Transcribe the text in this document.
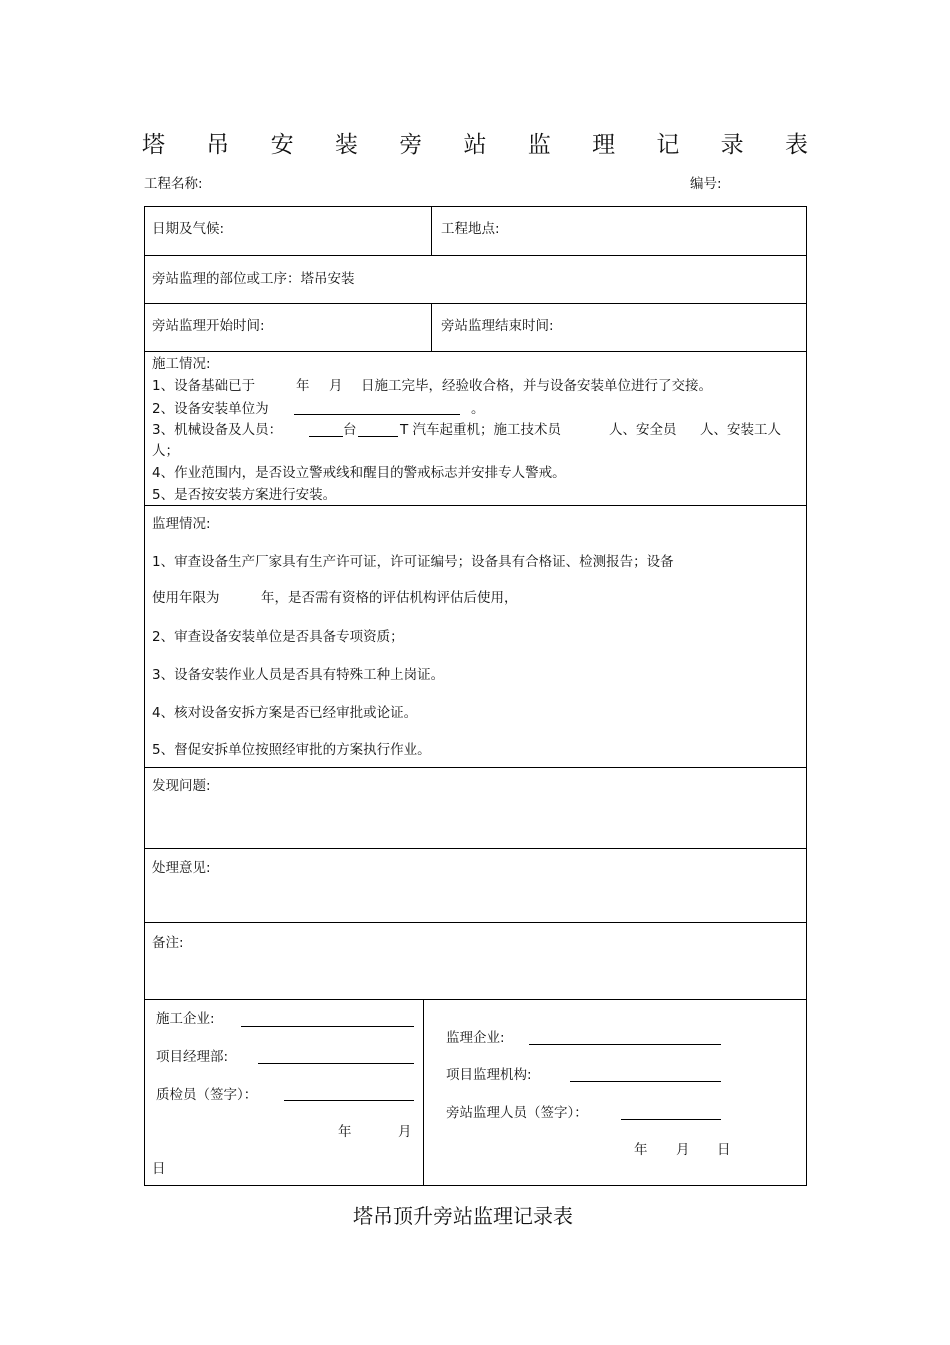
塔 吊 安 装 旁 站 监 理 记 录 表
工程名称:	编号:
日期及气候:	工程地点:
旁站监理的部位或工序：塔吊安装
旁站监理开始时间:	旁站监理结束时间:
施工情况:
1、设备基础已于	年 月 日施工完毕，经验收合格，并与设备安装单位进行了交接。
2、设备安装单位为	。
3、机械设备及人员：	台	T 汽车起重机；施工技术员	人、安全员 人、安装工人
人；
4、作业范围内，是否设立警戒线和醒目的警戒标志并安排专人警戒。
5、是否按安装方案进行安装。
监理情况:
1、审查设备生产厂家具有生产许可证，许可证编号；设备具有合格证、检测报告；设备
使用年限为	年，是否需有资格的评估机构评估后使用，
2、审查设备安装单位是否具备专项资质；
3、设备安装作业人员是否具有特殊工种上岗证。
4、核对设备安拆方案是否已经审批或论证。
5、督促安拆单位按照经审批的方案执行作业。
发现问题:
处理意见:
备注:
施工企业:
项目经理部:
质检员（签字）：
年	月
日
监理企业:
项目监理机构:
旁站监理人员（签字）：
年 月 日
塔吊顶升旁站监理记录表
